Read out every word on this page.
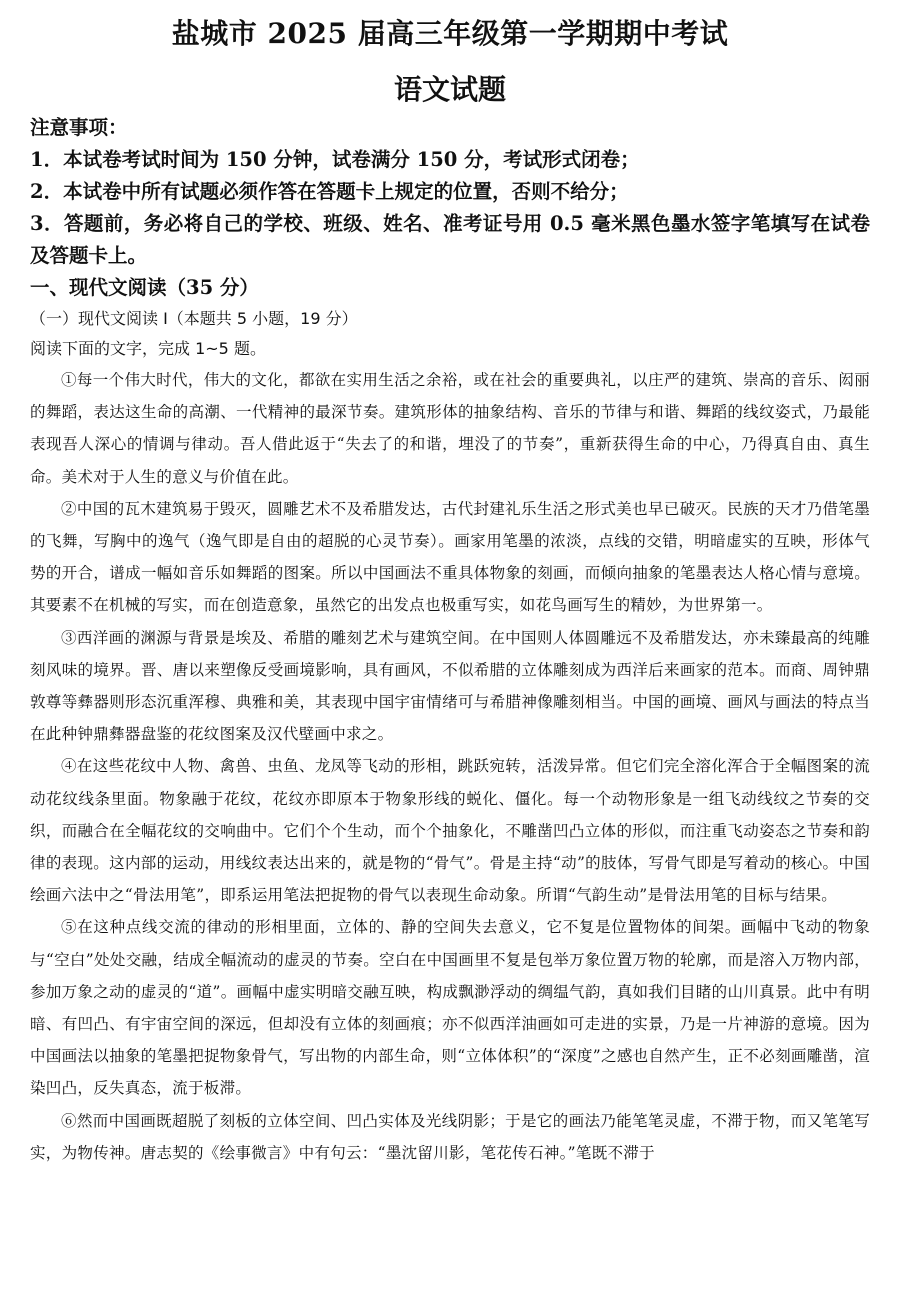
盐城市 2025 届高三年级第一学期期中考试
语文试题

注意事项：

1．本试卷考试时间为 150 分钟，试卷满分 150 分，考试形式闭卷；

2．本试卷中所有试题必须作答在答题卡上规定的位置，否则不给分；

3．答题前，务必将自己的学校、班级、姓名、准考证号用 0.5 毫米黑色墨水签字笔填写在试卷及答题卡上。

一、现代文阅读（35 分）

（一）现代文阅读 I（本题共 5 小题，19 分）

阅读下面的文字，完成 1~5 题。

①每一个伟大时代，伟大的文化，都欲在实用生活之余裕，或在社会的重要典礼，以庄严的建筑、崇高的音乐、闳丽的舞蹈，表达这生命的高潮、一代精神的最深节奏。建筑形体的抽象结构、音乐的节律与和谐、舞蹈的线纹姿式，乃最能表现吾人深心的情调与律动。吾人借此返于“失去了的和谐，埋没了的节奏”，重新获得生命的中心，乃得真自由、真生命。美术对于人生的意义与价值在此。

②中国的瓦木建筑易于毁灭，圆雕艺术不及希腊发达，古代封建礼乐生活之形式美也早已破灭。民族的天才乃借笔墨的飞舞，写胸中的逸气（逸气即是自由的超脱的心灵节奏）。画家用笔墨的浓淡，点线的交错，明暗虚实的互映，形体气势的开合，谱成一幅如音乐如舞蹈的图案。所以中国画法不重具体物象的刻画，而倾向抽象的笔墨表达人格心情与意境。其要素不在机械的写实，而在创造意象，虽然它的出发点也极重写实，如花鸟画写生的精妙，为世界第一。

③西洋画的渊源与背景是埃及、希腊的雕刻艺术与建筑空间。在中国则人体圆雕远不及希腊发达，亦未臻最高的纯雕刻风味的境界。晋、唐以来塑像反受画境影响，具有画风，不似希腊的立体雕刻成为西洋后来画家的范本。而商、周钟鼎敦尊等彝器则形态沉重浑穆、典雅和美，其表现中国宇宙情绪可与希腊神像雕刻相当。中国的画境、画风与画法的特点当在此种钟鼎彝器盘鉴的花纹图案及汉代壁画中求之。

④在这些花纹中人物、禽兽、虫鱼、龙凤等飞动的形相，跳跃宛转，活泼异常。但它们完全溶化浑合于全幅图案的流动花纹线条里面。物象融于花纹，花纹亦即原本于物象形线的蜕化、僵化。每一个动物形象是一组飞动线纹之节奏的交织，而融合在全幅花纹的交响曲中。它们个个生动，而个个抽象化，不雕凿凹凸立体的形似，而注重飞动姿态之节奏和韵律的表现。这内部的运动，用线纹表达出来的，就是物的“骨气”。骨是主持“动”的肢体，写骨气即是写着动的核心。中国绘画六法中之“骨法用笔”，即系运用笔法把捉物的骨气以表现生命动象。所谓“气韵生动”是骨法用笔的目标与结果。

⑤在这种点线交流的律动的形相里面，立体的、静的空间失去意义，它不复是位置物体的间架。画幅中飞动的物象与“空白”处处交融，结成全幅流动的虚灵的节奏。空白在中国画里不复是包举万象位置万物的轮廓，而是溶入万物内部，参加万象之动的虚灵的“道”。画幅中虚实明暗交融互映，构成飘渺浮动的绸缊气韵，真如我们目睹的山川真景。此中有明暗、有凹凸、有宇宙空间的深远，但却没有立体的刻画痕；亦不似西洋油画如可走进的实景，乃是一片神游的意境。因为中国画法以抽象的笔墨把捉物象骨气，写出物的内部生命，则“立体体积”的“深度”之感也自然产生，正不必刻画雕凿，渲染凹凸，反失真态，流于板滞。

⑥然而中国画既超脱了刻板的立体空间、凹凸实体及光线阴影；于是它的画法乃能笔笔灵虚，不滞于物，而又笔笔写实，为物传神。唐志契的《绘事微言》中有句云：“墨沈留川影，笔花传石神。”笔既不滞于
